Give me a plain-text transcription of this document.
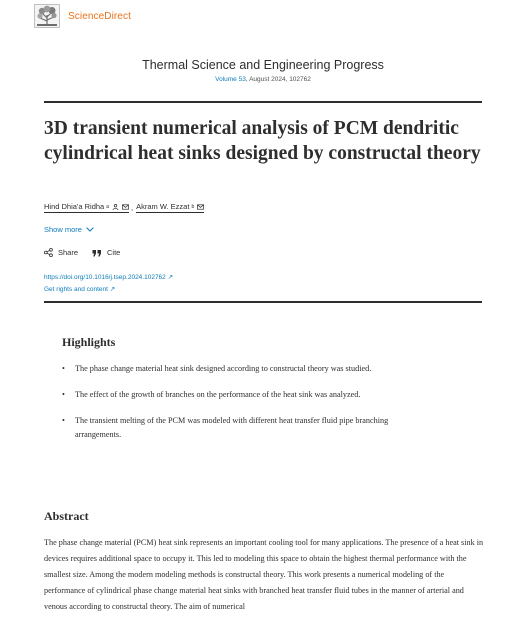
ScienceDirect
Thermal Science and Engineering Progress
Volume 53, August 2024, 102762
3D transient numerical analysis of PCM dendritic cylindrical heat sinks designed by constructal theory
Hind Dhia'a Ridha a	, Akram W. Ezzat b
Show more
Share	Cite
https://doi.org/10.1016/j.tsep.2024.102762 ↗
Get rights and content ↗
Highlights
• The phase change material heat sink designed according to constructal theory was studied.
• The effect of the growth of branches on the performance of the heat sink was analyzed.
• The transient melting of the PCM was modeled with different heat transfer fluid pipe branching arrangements.
Abstract

The phase change material (PCM) heat sink represents an important cooling tool for many applications. The presence of a heat sink in devices requires additional space to occupy it. This led to modeling this space to obtain the highest thermal performance with the smallest size. Among the modern modeling methods is constructal theory. This work presents a numerical modeling of the performance of cylindrical phase change material heat sinks with branched heat transfer fluid tubes in the manner of arterial and venous according to constructal theory. The aim of numerical
